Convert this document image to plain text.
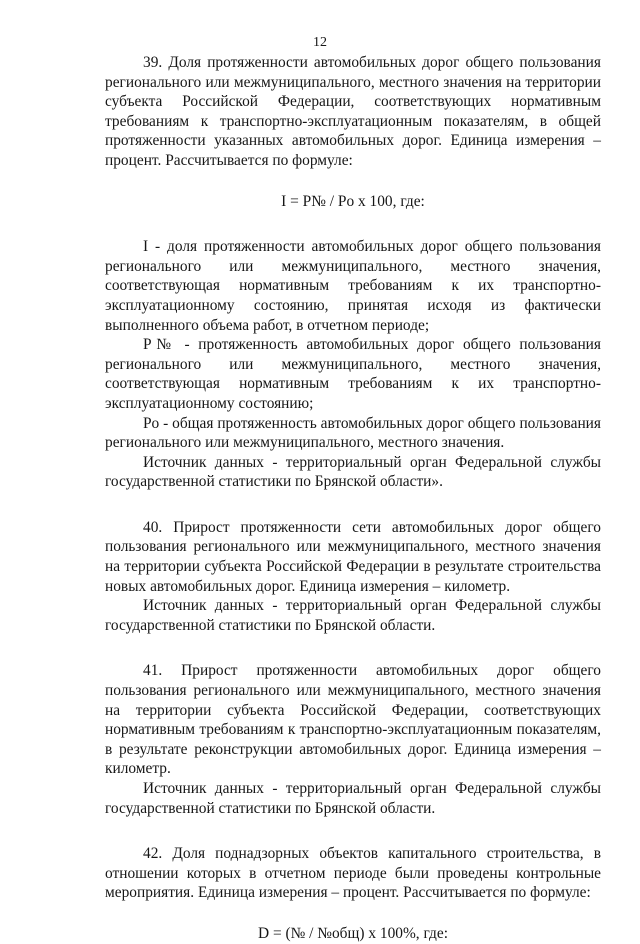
12

39. Доля протяженности автомобильных дорог общего пользования регионального или межмуниципального, местного значения на территории субъекта Российской Федерации, соответствующих нормативным требованиям к транспортно-эксплуатационным показателям, в общей протяженности указанных автомобильных дорог. Единица измерения – процент. Рассчитывается по формуле:

I = P№ / Po x 100, где:

I - доля протяженности автомобильных дорог общего пользования регионального или межмуниципального, местного значения, соответствующая нормативным требованиям к их транспортно-эксплуатационному состоянию, принятая исходя из фактически выполненного объема работ, в отчетном периоде;

P№ - протяженность автомобильных дорог общего пользования регионального или межмуниципального, местного значения, соответствующая нормативным требованиям к их транспортно-эксплуатационному состоянию;

Po - общая протяженность автомобильных дорог общего пользования регионального или межмуниципального, местного значения.

Источник данных - территориальный орган Федеральной службы государственной статистики по Брянской области».

40. Прирост протяженности сети автомобильных дорог общего пользования регионального или межмуниципального, местного значения на территории субъекта Российской Федерации в результате строительства новых автомобильных дорог. Единица измерения – километр.

Источник данных - территориальный орган Федеральной службы государственной статистики по Брянской области.

41. Прирост протяженности автомобильных дорог общего пользования регионального или межмуниципального, местного значения на территории субъекта Российской Федерации, соответствующих нормативным требованиям к транспортно-эксплуатационным показателям, в результате реконструкции автомобильных дорог. Единица измерения – километр.

Источник данных - территориальный орган Федеральной службы государственной статистики по Брянской области.

42. Доля поднадзорных объектов капитального строительства, в отношении которых в отчетном периоде были проведены контрольные мероприятия. Единица измерения – процент. Рассчитывается по формуле:

D = (№ / №общ) x 100%, где:
